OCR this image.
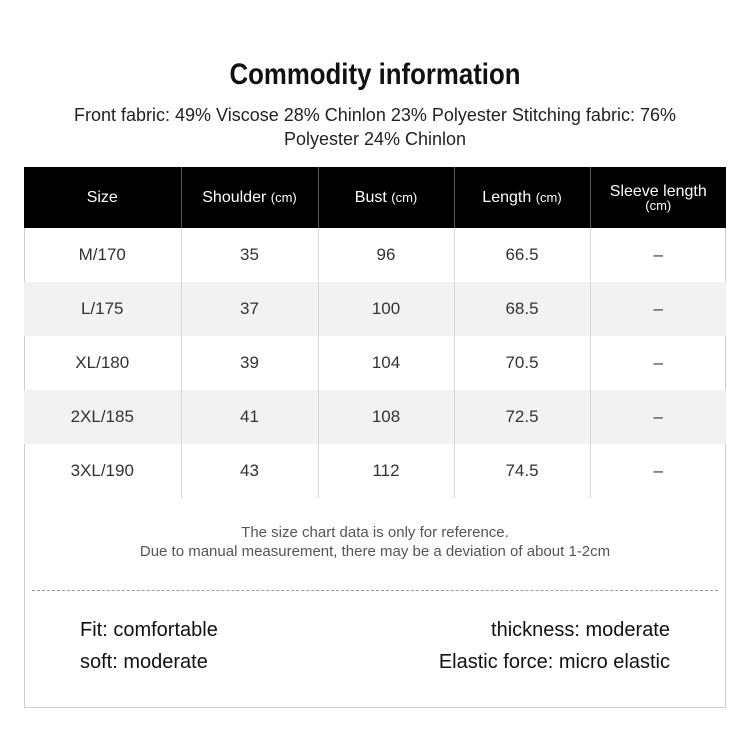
Commodity information
Front fabric: 49% Viscose 28% Chinlon 23% Polyester Stitching fabric: 76%
Polyester 24% Chinlon
Size	Shoulder (cm)	Bust (cm)	Length (cm)	Sleeve length
(cm)

M/170	35	96	66.5	–
L/175	37	100	68.5	–
XL/180	39	104	70.5	–
2XL/185	41	108	72.5	–
3XL/190	43	112	74.5	–
The size chart data is only for reference.
Due to manual measurement, there may be a deviation of about 1-2cm
Fit: comfortable
soft: moderate
thickness: moderate
Elastic force: micro elastic
